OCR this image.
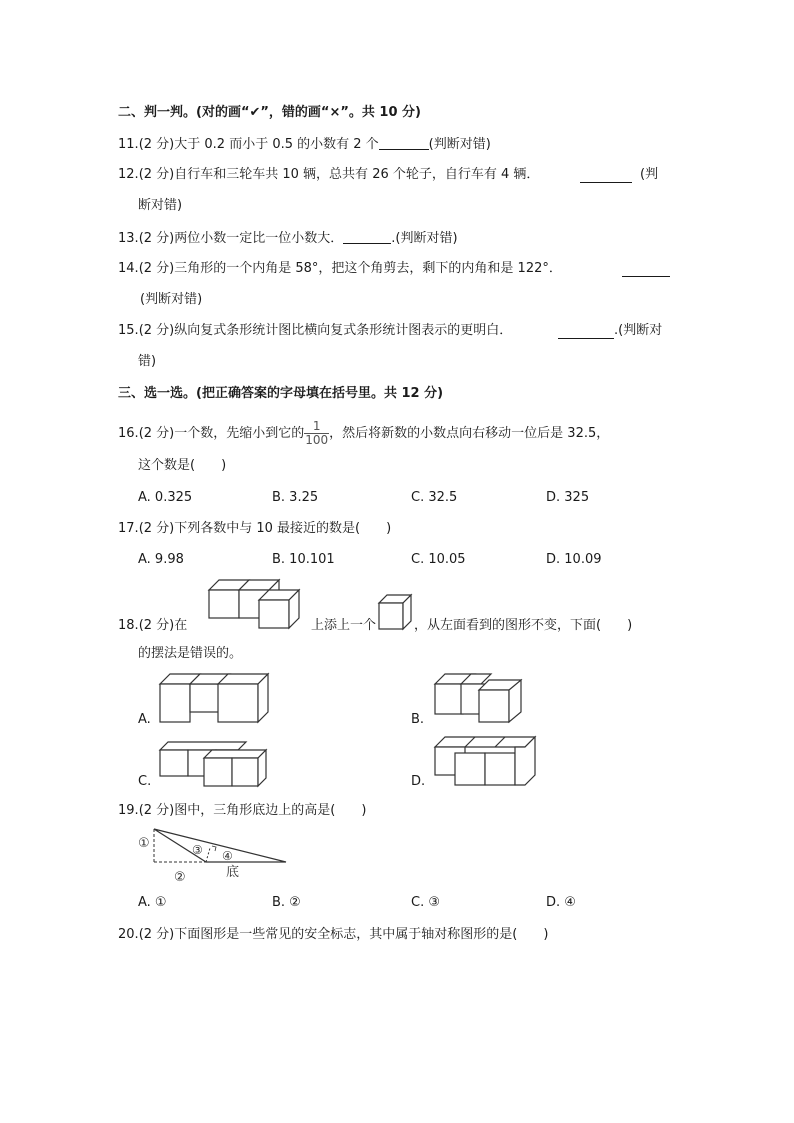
二、判一判。(对的画“✔”，错的画“×”。共 10 分)
11.(2 分)大于 0.2 而小于 0.5 的小数有 2 个	(判断对错)
12.(2 分)自行车和三轮车共 10 辆，总共有 26 个轮子，自行车有 4 辆．	(判
断对错)
13.(2 分)两位小数一定比一位小数大．	.(判断对错)
14.(2 分)三角形的一个内角是 58°，把这个角剪去，剩下的内角和是 122°．
(判断对错)
15.(2 分)纵向复式条形统计图比横向复式条形统计图表示的更明白．	.(判断对
错)
三、选一选。(把正确答案的字母填在括号里。共 12 分)
16.(2 分)一个数，先缩小到它的 $\frac{1}{100}$ ，然后将新数的小数点向右移动一位后是 32.5，
这个数是(　　)
A. 0.325	B. 3.25	C. 32.5	D. 325
17.(2 分)下列各数中与 10 最接近的数是(　　)
A. 9.98	B. 10.101	C. 10.05	D. 10.09
18.(2 分)在	上添上一个	，从左面看到的图形不变，下面(　　)
的摆法是错误的。
A.	B.
C.	D.
19.(2 分)图中，三角形底边上的高是(　　)
①
②
③ ④
底
A. ①	B. ②	C. ③	D. ④
20.(2 分)下面图形是一些常见的安全标志，其中属于轴对称图形的是(　　)
